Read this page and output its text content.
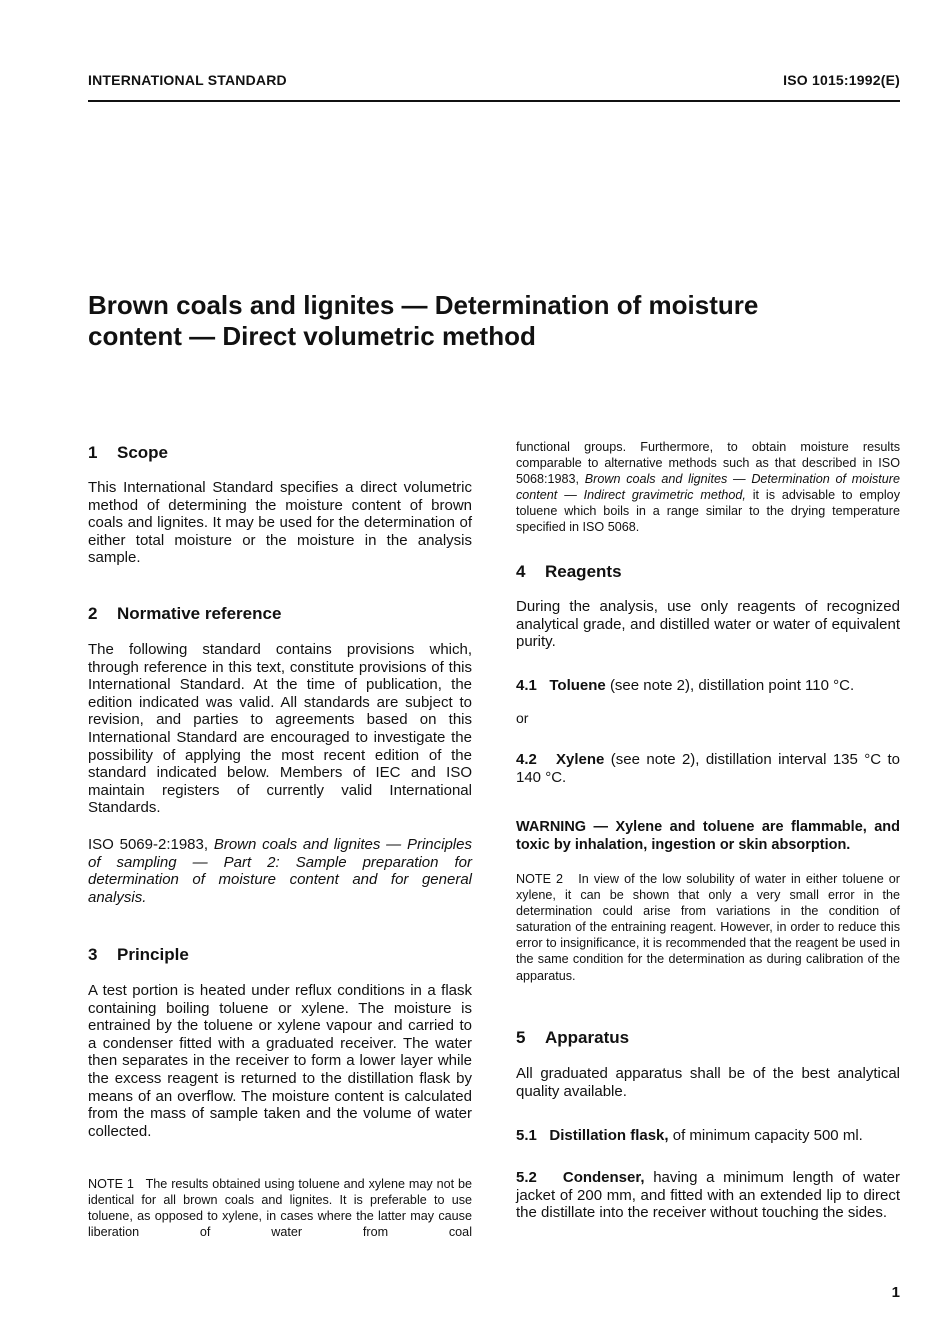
INTERNATIONAL STANDARD	ISO 1015:1992(E)
Brown coals and lignites — Determination of moisture
content — Direct volumetric method
1 Scope
This International Standard specifies a direct volumetric method of determining the moisture content of brown coals and lignites. It may be used for the determination of either total moisture or the moisture in the analysis sample.
2 Normative reference
The following standard contains provisions which, through reference in this text, constitute provisions of this International Standard. At the time of publication, the edition indicated was valid. All standards are subject to revision, and parties to agreements based on this International Standard are encouraged to investigate the possibility of applying the most recent edition of the standard indicated below. Members of IEC and ISO maintain registers of currently valid International Standards.
ISO 5069-2:1983, Brown coals and lignites — Principles of sampling — Part 2: Sample preparation for determination of moisture content and for general analysis.
3 Principle
A test portion is heated under reflux conditions in a flask containing boiling toluene or xylene. The moisture is entrained by the toluene or xylene vapour and carried to a condenser fitted with a graduated receiver. The water then separates in the receiver to form a lower layer while the excess reagent is returned to the distillation flask by means of an overflow. The moisture content is calculated from the mass of sample taken and the volume of water collected.
NOTE 1 The results obtained using toluene and xylene may not be identical for all brown coals and lignites. It is preferable to use toluene, as opposed to xylene, in cases where the latter may cause liberation of water from coal
functional groups. Furthermore, to obtain moisture results comparable to alternative methods such as that described in ISO 5068:1983, Brown coals and lignites — Determination of moisture content — Indirect gravimetric method, it is advisable to employ toluene which boils in a range similar to the drying temperature specified in ISO 5068.
4 Reagents
During the analysis, use only reagents of recognized analytical grade, and distilled water or water of equivalent purity.
4.1 Toluene (see note 2), distillation point 110 °C.
or
4.2 Xylene (see note 2), distillation interval 135 °C to 140 °C.
WARNING — Xylene and toluene are flammable, and toxic by inhalation, ingestion or skin absorption.
NOTE 2 In view of the low solubility of water in either toluene or xylene, it can be shown that only a very small error in the determination could arise from variations in the condition of saturation of the entraining reagent. However, in order to reduce this error to insignificance, it is recommended that the reagent be used in the same condition for the determination as during calibration of the apparatus.
5 Apparatus
All graduated apparatus shall be of the best analytical quality available.
5.1 Distillation flask, of minimum capacity 500 ml.
5.2 Condenser, having a minimum length of water jacket of 200 mm, and fitted with an extended lip to direct the distillate into the receiver without touching the sides.
1
